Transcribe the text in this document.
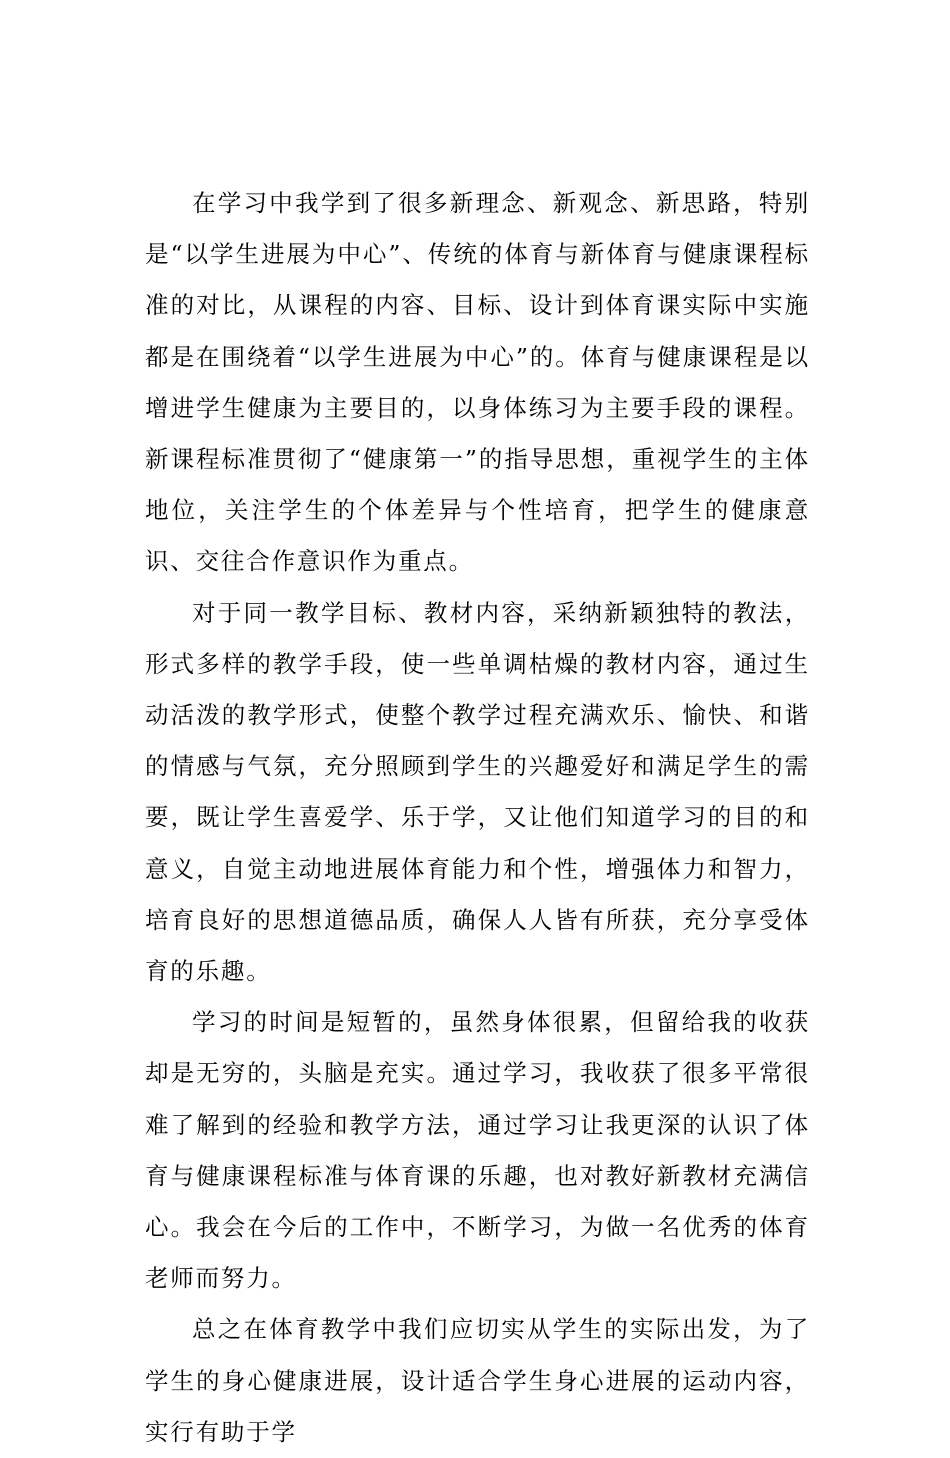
在学习中我学到了很多新理念、新观念、新思路，特别是“以学生进展为中心”、传统的体育与新体育与健康课程标准的对比，从课程的内容、目标、设计到体育课实际中实施都是在围绕着“以学生进展为中心”的。体育与健康课程是以增进学生健康为主要目的，以身体练习为主要手段的课程。新课程标准贯彻了“健康第一”的指导思想，重视学生的主体地位，关注学生的个体差异与个性培育，把学生的健康意识、交往合作意识作为重点。

对于同一教学目标、教材内容，采纳新颖独特的教法，形式多样的教学手段，使一些单调枯燥的教材内容，通过生动活泼的教学形式，使整个教学过程充满欢乐、愉快、和谐的情感与气氛，充分照顾到学生的兴趣爱好和满足学生的需要，既让学生喜爱学、乐于学，又让他们知道学习的目的和意义，自觉主动地进展体育能力和个性，增强体力和智力，培育良好的思想道德品质，确保人人皆有所获，充分享受体育的乐趣。

学习的时间是短暂的，虽然身体很累，但留给我的收获却是无穷的，头脑是充实。通过学习，我收获了很多平常很难了解到的经验和教学方法，通过学习让我更深的认识了体育与健康课程标准与体育课的乐趣，也对教好新教材充满信心。我会在今后的工作中，不断学习，为做一名优秀的体育老师而努力。

总之在体育教学中我们应切实从学生的实际出发，为了学生的身心健康进展，设计适合学生身心进展的运动内容，实行有助于学
